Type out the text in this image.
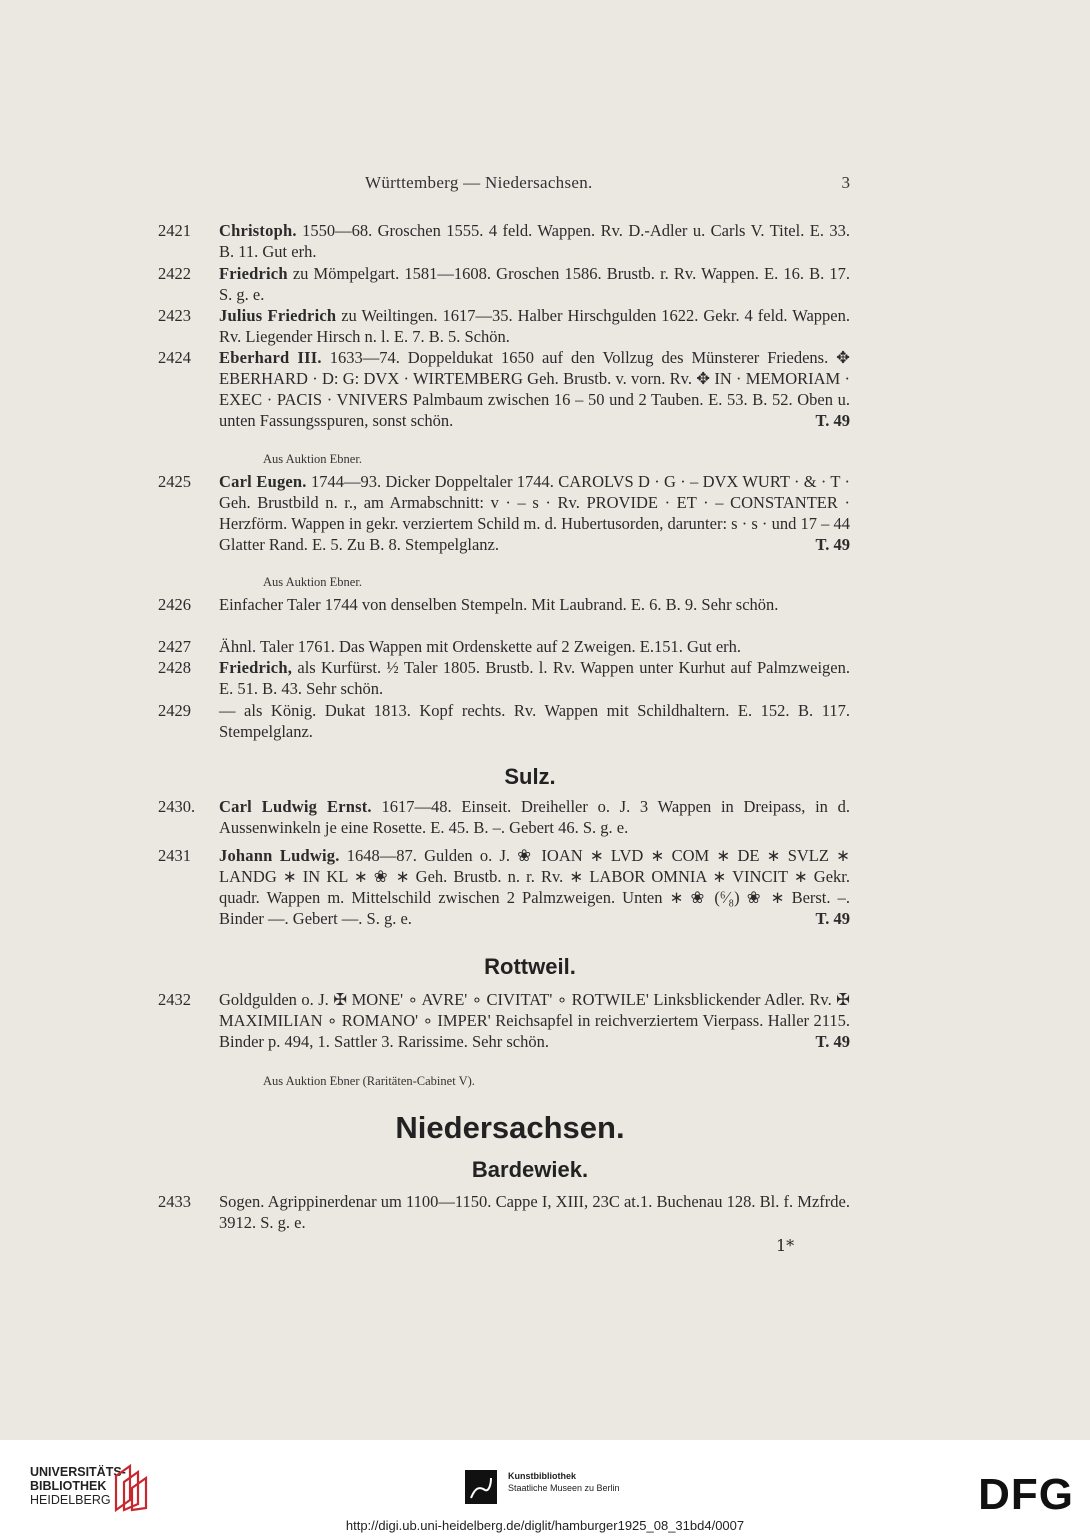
Württemberg — Niedersachsen.	3
2421	Christoph. 1550—68. Groschen 1555. 4 feld. Wappen. Rv. D.-Adler u. Carls V. Titel. E. 33. B. 11. Gut erh.
2422	Friedrich zu Mömpelgart. 1581—1608. Groschen 1586. Brustb. r. Rv. Wappen. E. 16. B. 17. S. g. e.
2423	Julius Friedrich zu Weiltingen. 1617—35. Halber Hirschgulden 1622. Gekr. 4 feld. Wappen. Rv. Liegender Hirsch n. l. E. 7. B. 5. Schön.
2424	Eberhard III. 1633—74. Doppeldukat 1650 auf den Vollzug des Münsterer Friedens. ✥ EBERHARD · D: G: DVX · WIRTEMBERG Geh. Brustb. v. vorn. Rv. ✥ IN · MEMORIAM · EXEC · PACIS · VNIVERS Palmbaum zwischen 16 – 50 und 2 Tauben. E. 53. B. 52. Oben u. unten Fassungsspuren, sonst schön.	T. 49
Aus Auktion Ebner.
2425	Carl Eugen. 1744—93. Dicker Doppeltaler 1744. CAROLVS D · G · – DVX WURT · & · T · Geh. Brustbild n. r., am Armabschnitt: v · – s · Rv. PROVIDE · ET · – CONSTANTER · Herzförm. Wappen in gekr. verziertem Schild m. d. Hubertusorden, darunter: s · s · und 17 – 44 Glatter Rand. E. 5. Zu B. 8. Stempelglanz.	T. 49
Aus Auktion Ebner.
2426	Einfacher Taler 1744 von denselben Stempeln. Mit Laubrand. E. 6. B. 9. Sehr schön.
2427	Ähnl. Taler 1761. Das Wappen mit Ordenskette auf 2 Zweigen. E.151. Gut erh.
2428	Friedrich, als Kurfürst. ½ Taler 1805. Brustb. l. Rv. Wappen unter Kurhut auf Palmzweigen. E. 51. B. 43. Sehr schön.
2429	— als König. Dukat 1813. Kopf rechts. Rv. Wappen mit Schildhaltern. E. 152. B. 117. Stempelglanz.
Sulz.
2430.	Carl Ludwig Ernst. 1617—48. Einseit. Dreiheller o. J. 3 Wappen in Dreipass, in d. Aussenwinkeln je eine Rosette. E. 45. B. –. Gebert 46. S. g. e.
2431	Johann Ludwig. 1648—87. Gulden o. J. ❀ IOAN ∗ LVD ∗ COM ∗ DE ∗ SVLZ ∗ LANDG ∗ IN KL ∗ ❀ ∗ Geh. Brustb. n. r. Rv. ∗ LABOR OMNIA ∗ VINCIT ∗ Gekr. quadr. Wappen m. Mittelschild zwischen 2 Palmzweigen. Unten ∗ ❀ (⁶⁄₈) ❀ ∗ Berst. –. Binder —. Gebert —. S. g. e.	T. 49
Rottweil.
2432	Goldgulden o. J. ✠ MONE' ∘ AVRE' ∘ CIVITAT' ∘ ROTWILE' Linksblickender Adler. Rv. ✠ MAXIMILIAN ∘ ROMANO' ∘ IMPER' Reichsapfel in reichverziertem Vierpass. Haller 2115. Binder p. 494, 1. Sattler 3. Rarissime. Sehr schön.	T. 49
Aus Auktion Ebner (Raritäten-Cabinet V).
Niedersachsen.
Bardewiek.
2433	Sogen. Agrippinerdenar um 1100—1150. Cappe I, XIII, 23C at.1. Buchenau 128. Bl. f. Mzfrde. 3912. S. g. e.
1*
UNIVERSITÄTS-
BIBLIOTHEK
HEIDELBERG
Kunstbibliothek
Staatliche Museen zu Berlin	DFG
http://digi.ub.uni-heidelberg.de/diglit/hamburger1925_08_31bd4/0007
